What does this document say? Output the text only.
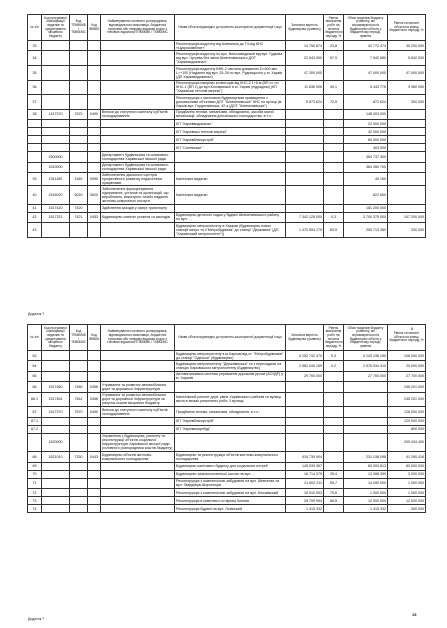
№ з/п	Код програмної класифікації видатків та кредитування місцевого бюджету	Код ТПКВКМБ / ТКВКБМС	Код ФКВКБ	Найменування головного розпорядника, відповідального виконавця, бюджетної програми або напряму видатків згідно з типовою відомчою/ТПКВКМБ / ТКВКБМС	Назва об'єкта відповідно до проектно-кошторисної документації тощо	Загальна вартість будівництва (гривень)	Рівень виконання робіт на початок бюджетного періоду, %	Обсяг видатків бюджету розвитку, які спрямовуються на будівництво об'єкта у бюджетному періоді, гривень	Рівень готовності об'єкта на кінець бюджетного періоду, %
33					Реконструкція водогону від Шевченка до Т4-від КНС «Цукрокомбінат»	14 750 874	23,8	42 772 474	35 200 000
34					Реконструкція водогону по вул. Велозаводській від вул. Гудкова від вул. Чугуєва без зміни Шевченківського ДОТ "Харківводоканал"	22 943 900	57,9	7 542 680	5 642 000
35					Реконструкція водогону ВНК-2 частина довжиною D=600 мм, L=+100 (Надання від вул. 25-28 по вул. Рудницького у м. Харків (ДП Харківводоканал)	47 300 000		47 000 000	47 000 000
36					Реконструкція напірних колекторів від КНС-2 1+6 м (ВП ст. по КНС-1 (ВП 1) до вул.Клочківської в м. Харків (підрядник) (КП "Харківські теплові мережі")	11 636 906	49,1	5 443 776	3 960 000
37					Реконструкція з частковою будівництвом приміщення з допоміжними об'єктами ДОТ "Шевченківське" КНС по вулиці (м. Харків вул. Гордієнківська, 42 а (ДОТ "Шевченківське")	5 873 624	72,5	872 624	300 000
38	1417370	7670	0490	Внески до статутного капіталу суб'єктів господарювання	Придбання техніки, механізмів, обладнання, засобів малої механізації, обладнання для міського господарства, в т.ч.:			148 403 000	
					КП "Харківводоканал"			22 000 000	
					КП "Харківські теплові мережі"			32 000 000	
					КП "Харківблагоустрій"			60 000 000	
					КП "Салтівське"			403 000	
	1500000			Департамент будівництва та шляхового господарства Харківської міської ради				364 737 300	
	1510000			Департамент будівництва та шляхового господарства Харківської міської ради				364 280 700	
39	1511160	1160	0990	Забезпечення діяльності центрів професійного розвитку педагогічних працівників	Капітальні видатки			49 150	
40	1516020	6020	0620	Забезпечення функціонування підприємств, установ та організацій, що виробляють, виконують та/або надають житлово-комунальні послуги	Капітальні видатки			822 600	
41	1517420	7420		Здійснення заходів у сфері транспорту				181 200 000	
42	1517321	7421	0453	Будівництво освітніх установ та закладів	Будівництво дитячого садка у будівлі Шевченківського району по вул. ...	7 342 125 000	0,3	3 700 375 000	107 200 000
43					Будівництво метрополітену в Харкові (будівництво нових станцій метро та з"Метробудівник" до станції "Державна" (ДП "Харківський метрополітен"))	1 470 594 175	83,5	290 713 350	330 000
Додаток 7
8
№ з/п	Код програмної класифікації видатків та кредитування місцевого бюджету	Код ТПКВКМБ / ТКВКБМС	Код ФКВКБ	Найменування головного розпорядника, відповідального виконавця, бюджетної програми або напряму видатків згідно з типовою відомчою/ТПКВКМБ / ТКВКБМС	Назва об'єкта відповідно до проектно-кошторисної документації тощо	Загальна вартість будівництва (гривень)	Рівень виконання робіт на початок бюджетного періоду, %	Обсяг видатків бюджету розвитку, які спрямовуються на будівництво об'єкта у бюджетному періоді, гривень	Рівень готовності об'єкта на кінець бюджетного періоду, %
63					Будівництво метрополітену в м.Харкові від ст. "Метробудівників" до станції "Одеська" (будівництво)	4 152 742 370	9,3	4 143 138 150	106 000 000
64					Будівництво метрополітену "Державінська" та з пересадкою на станцію Харківського метрополітену (Будівництво)	2 582 045 159	0,2	2 576 534 410	20 000 000
65					Автоматизована система управління дорожнім рухом (АСУДР) у м. Харкові	29 700 000		27 700 000	27 700 000
66	1517460	7460	0456	Утримання та розвиток автомобільних доріг та дорожньої інфраструктури					248 201 000
66.1	1517461	7461	0456	Утримання та розвиток автомобільних доріг та дорожньої інфраструктури за рахунок коштів місцевого бюджету	Капітальний ремонт доріг рівня Харківського районів та вулиць міста в межах ремонтних робіт, 3 вулиць				245 201 000
67	1517370	7670	0490	Внески до статутного капіталу суб'єктів господарювання	Придбання техніки, механізмів, обладнання, в т.ч.:				128 000 000
67.1					КП "Харківблагоустрій"				120 000 000
67.2					КП "Харківкомунбуд"				800 000
	1520000			Управління з будівництва, ремонту та реконструкції об'єктів соціальної інфраструктури Харківської міської ради (головного розпорядника коштів бюджету)					209 434 400
68	1521010	7330	0443	Будівництво об'єктів житлово-комунального господарства	Будівництво та реконструкція об'єктів житлово-комунального господарства	415 739 904		231 138 098	41 290 416
69					Будівництво житлового будинку для соціальних потреб	145 539 367		80 000 813	80 000 000
70					Будівництво загальноосвітньої школи на вул. ...	16 714 375	25,4	12 088 390	3 000 000
71					Реконструкція з комплексною забудовою на вул. Шевченка та вул. Гвардійців-Широнінців	21 602 211	55,7	14 090 000	1 000 000
72					Реконструкція з комплексною забудовою на вул. Клочківській	19 910 993	79,6	1 000 000	1 000 000
73					Реконструкція в комплексі по вулиці Конєва	25 790 994	66,5	12 000 000	12 000 000
74					Реконструкція будівлі на вул. Лозівській	1 415 332		1 415 332	300 000
Додаток 7
15
